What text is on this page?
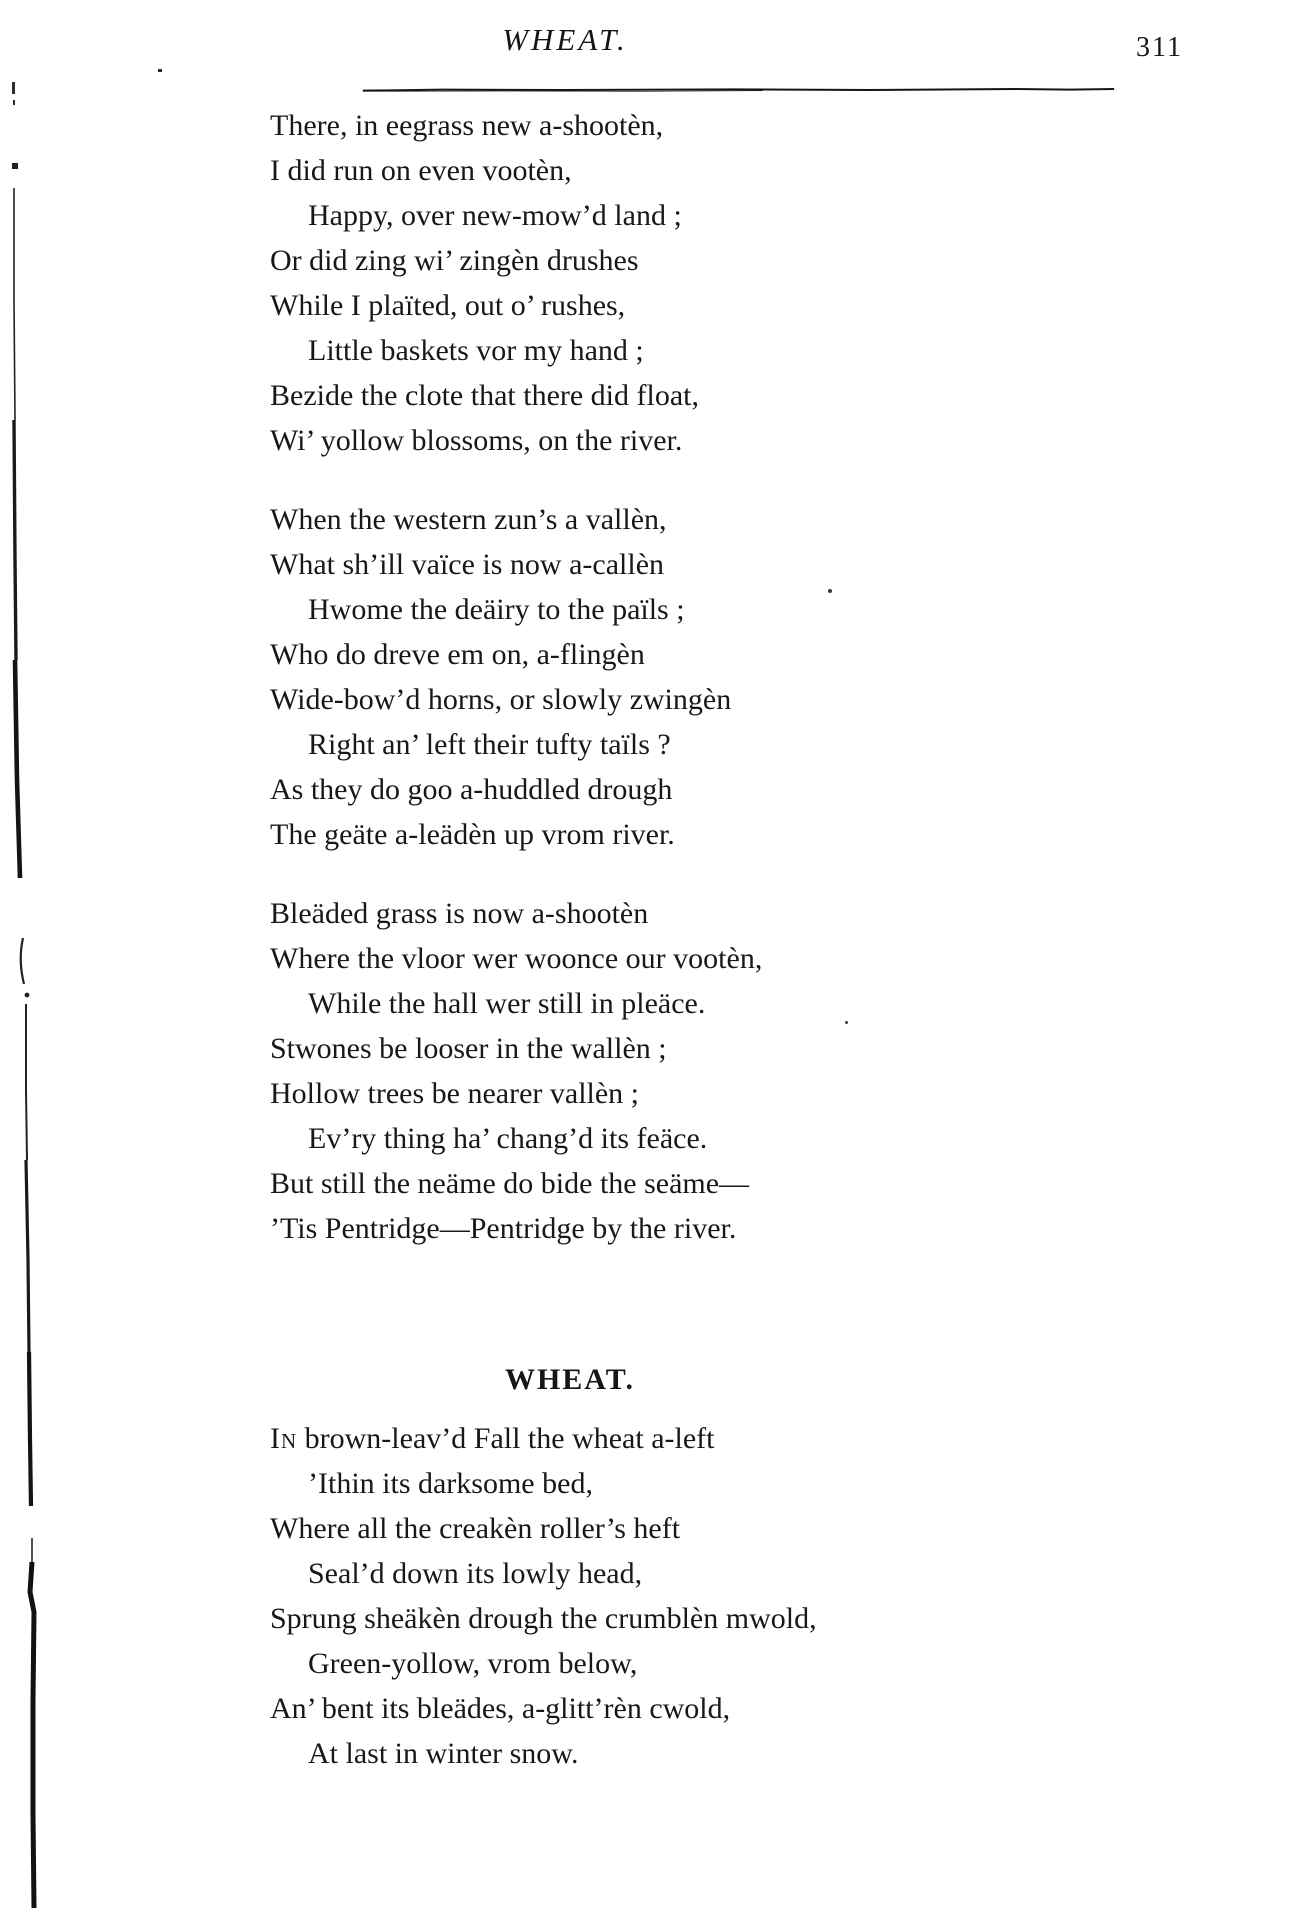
WHEAT.	311
There, in eegrass new a-shootèn,
I did run on even vootèn,
Happy, over new-mow’d land ;
Or did zing wi’ zingèn drushes
While I plaïted, out o’ rushes,
Little baskets vor my hand ;
Bezide the clote that there did float,
Wi’ yollow blossoms, on the river.
When the western zun’s a vallèn,
What sh’ill vaïce is now a-callèn
Hwome the deäiry to the païls ;
Who do dreve em on, a-flingèn
Wide-bow’d horns, or slowly zwingèn
Right an’ left their tufty taïls ?
As they do goo a-huddled drough
The geäte a-leädèn up vrom river.
Bleäded grass is now a-shootèn
Where the vloor wer woonce our vootèn,
While the hall wer still in pleäce.
Stwones be looser in the wallèn ;
Hollow trees be nearer vallèn ;
Ev’ry thing ha’ chang’d its feäce.
But still the neäme do bide the seäme—
’Tis Pentridge—Pentridge by the river.
WHEAT.
In brown-leav’d Fall the wheat a-left
’Ithin its darksome bed,
Where all the creakèn roller’s heft
Seal’d down its lowly head,
Sprung sheäkèn drough the crumblèn mwold,
Green-yollow, vrom below,
An’ bent its bleädes, a-glitt’rèn cwold,
At last in winter snow.
